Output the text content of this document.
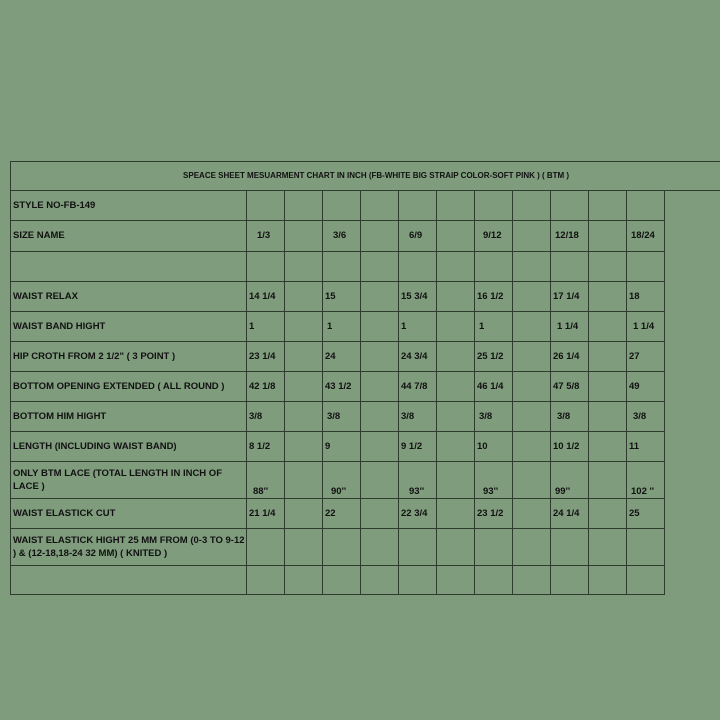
SPEACE SHEET MESUARMENT CHART IN INCH (FB-WHITE BIG STRAIP COLOR-SOFT PINK ) ( BTM )											
STYLE NO-FB-149											
SIZE NAME	1/3		3/6		6/9		9/12		12/18		18/24

WAIST RELAX	14 1/4		15		15 3/4		16 1/2		17 1/4		18
WAIST BAND HIGHT	1		1		1		1		1 1/4		1 1/4
HIP CROTH FROM 2 1/2" ( 3 POINT )	23 1/4		24		24 3/4		25 1/2		26 1/4		27
BOTTOM OPENING EXTENDED ( ALL ROUND )	42 1/8		43 1/2		44 7/8		46 1/4		47 5/8		49
BOTTOM HIM HIGHT	3/8		3/8		3/8		3/8		3/8		3/8
LENGTH (INCLUDING WAIST BAND)	8 1/2		9		9 1/2		10		10 1/2		11
ONLY BTM LACE (TOTAL LENGTH IN INCH OF LACE )	88''		90''		93''		93''		99''		102 ''
WAIST ELASTICK CUT	21 1/4		22		22 3/4		23 1/2		24 1/4		25
WAIST ELASTICK HIGHT 25 MM FROM (0-3 TO 9-12 ) & (12-18,18-24 32 MM) ( KNITED )											
